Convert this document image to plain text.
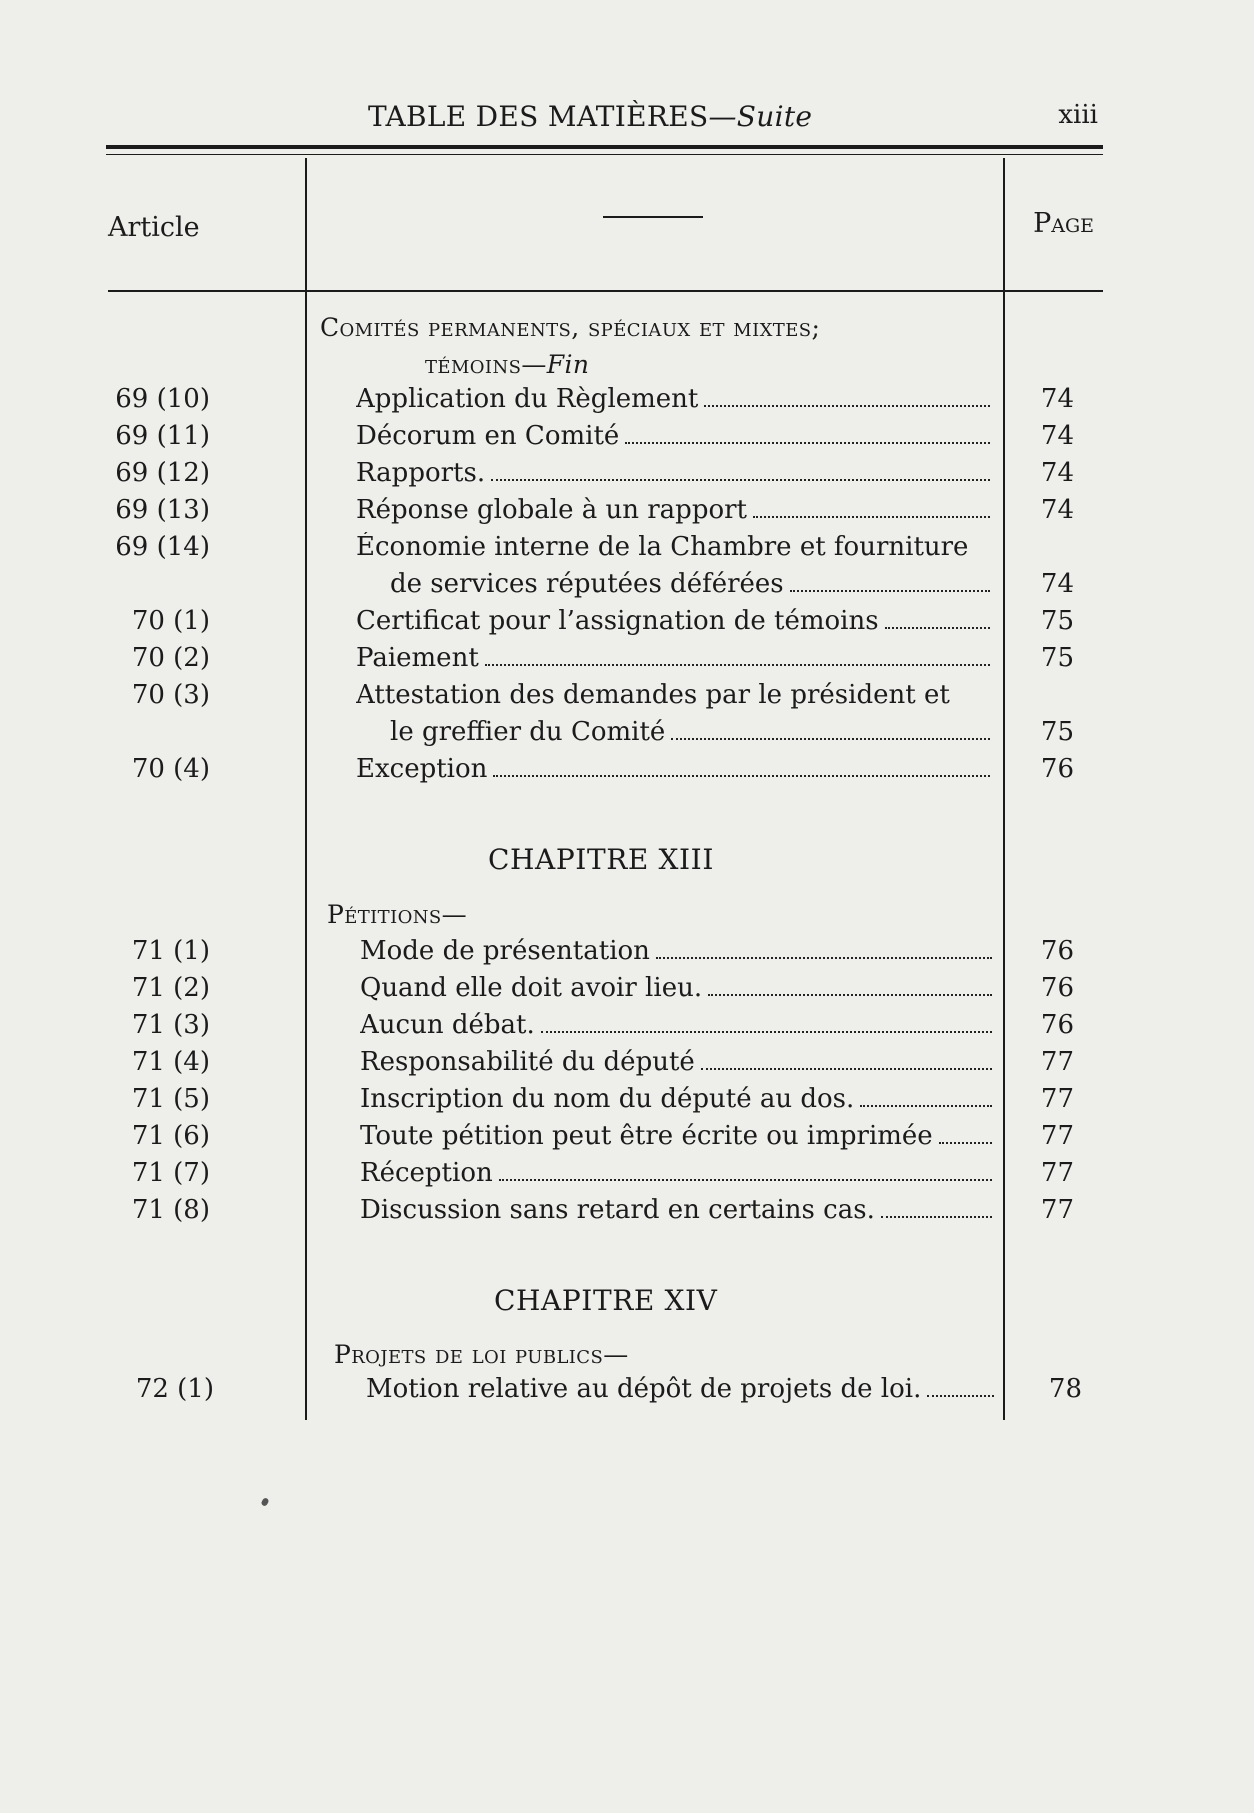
TABLE DES MATIÈRES—Suite	xiii
Article	Page
Comités permanents, spéciaux et mixtes;
témoins—Fin
69 (10)	Application du Règlement	74
69 (11)	Décorum en Comité	74
69 (12)	Rapports.	74
69 (13)	Réponse globale à un rapport	74
69 (14)	Économie interne de la Chambre et fourniture
de services réputées déférées	74
70 (1)	Certificat pour l’assignation de témoins	75
70 (2)	Paiement	75
70 (3)	Attestation des demandes par le président et
le greffier du Comité	75
70 (4)	Exception	76
CHAPITRE XIII
Pétitions—
71 (1)	Mode de présentation	76
71 (2)	Quand elle doit avoir lieu.	76
71 (3)	Aucun débat.	76
71 (4)	Responsabilité du député	77
71 (5)	Inscription du nom du député au dos.	77
71 (6)	Toute pétition peut être écrite ou imprimée	77
71 (7)	Réception	77
71 (8)	Discussion sans retard en certains cas.	77
CHAPITRE XIV
Projets de loi publics—
72 (1)	Motion relative au dépôt de projets de loi.	78
